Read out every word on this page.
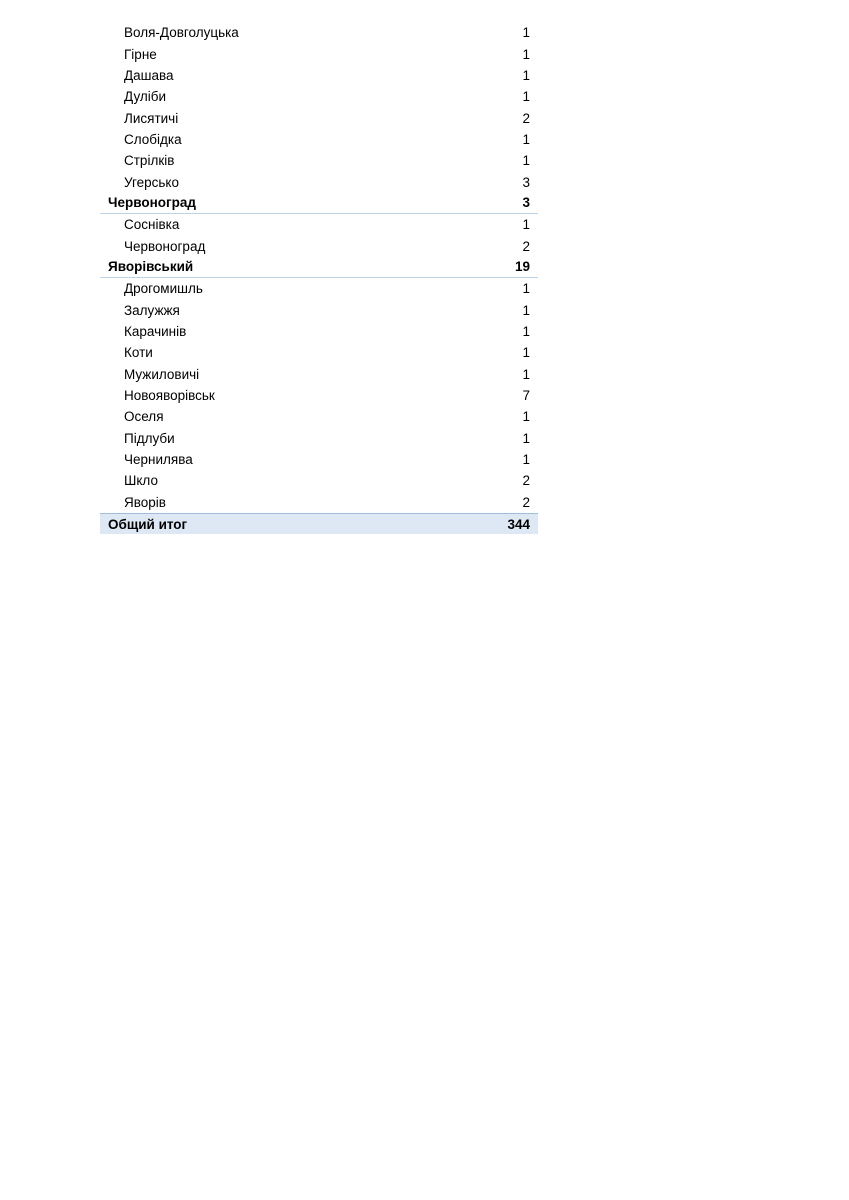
Воля-Довголуцька	1
Гірне	1
Дашава	1
Дуліби	1
Лисятичі	2
Слобідка	1
Стрілків	1
Угерсько	3
Червоноград	3
Соснівка	1
Червоноград	2
Яворівський	19
Дрогомишль	1
Залужжя	1
Карачинів	1
Коти	1
Мужиловичі	1
Новояворівськ	7
Оселя	1
Підлуби	1
Чернилява	1
Шкло	2
Яворів	2
Общий итог	344
